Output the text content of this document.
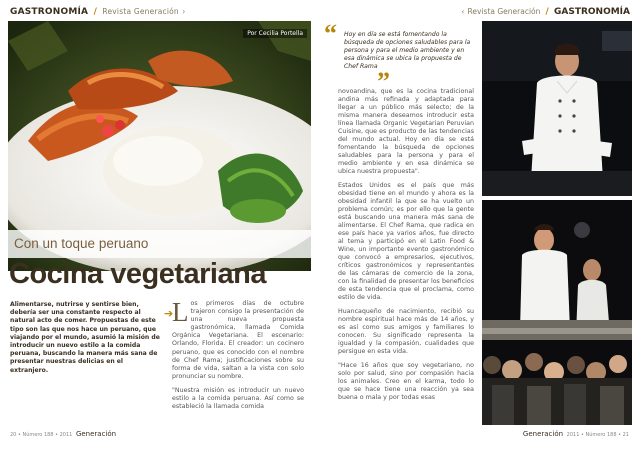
GASTRONOMÍA / Revista Generación ›	‹ Revista Generación / GASTRONOMÍA
Por Cecilia Portella
Con un toque peruano
Cocina vegetariana
Alimentarse, nutrirse y sentirse bien, debería ser una constante respecto al natural acto de comer. Propuestas de este tipo son las que nos hace un peruano, que viajando por el mundo, asumió la misión de introducir un nuevo estilo a la comida peruana, buscando la manera más sana de presentar nuestras delicias en el extranjero.
➔

Los primeros días de octubre trajeron consigo la presentación de una nueva propuesta gastronómica, llamada Comida Orgánica Vegetariana. El escenario: Orlando, Florida. El creador: un cocinero peruano, que es conocido con el nombre de Chef Rama; justificaciones sobre su forma de vida, saltan a la vista con solo pronunciar su nombre.

"Nuestra misión es introducir un nuevo estilo a la comida peruana. Así como se estableció la llamada comida

“ Hoy en día se está fomentando la búsqueda de opciones saludables para la persona y para el medio ambiente y en esa dinámica se ubica la propuesta de Chef Rama
”

novoandina, que es la cocina tradicional andina más refinada y adaptada para llegar a un público más selecto; de la misma manera deseamos introducir esta línea llamada Organic Vegetarian Peruvian Cuisine, que es producto de las tendencias del mundo actual. Hoy en día se está fomentando la búsqueda de opciones saludables para la persona y para el medio ambiente y en esa dinámica se ubica nuestra propuesta".

Estados Unidos es el país que más obesidad tiene en el mundo y ahora es la obesidad infantil la que se ha vuelto un problema común; es por ello que la gente está buscando una manera más sana de alimentarse. El Chef Rama, que radica en ese país hace ya varios años, fue directo al tema y participó en el Latin Food & Wine, un importante evento gastronómico que convocó a empresarios, ejecutivos, críticos gastronómicos y representantes de las cámaras de comercio de la zona, con la finalidad de presentar los beneficios de esta tendencia que el proclama, como estilo de vida.

Huancaqueño de nacimiento, recibió su nombre espiritual hace más de 14 años, y es así como sus amigos y familiares lo conocen. Su significado representa la igualdad y la compasión, cualidades que persigue en esta vida.

"Hace 16 años que soy vegetariano, no solo por salud, sino por compasión hacia los animales. Creo en el karma, todo lo que se hace tiene una reacción ya sea buena o mala y por todas esas

20 • Número 188 • 2011 Generación	Generación 2011 • Número 188 • 21
